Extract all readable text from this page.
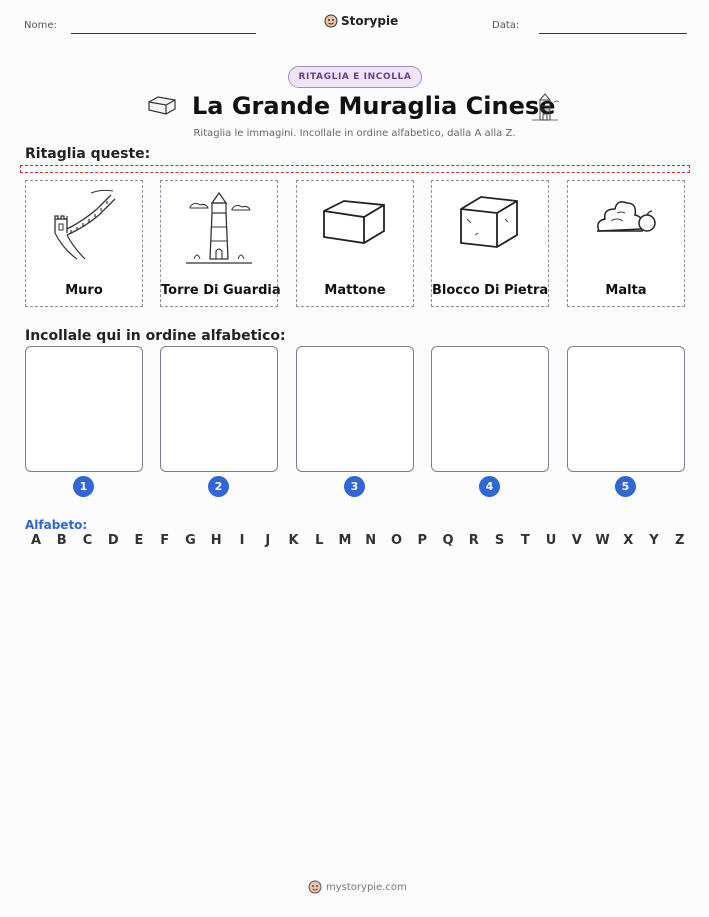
Nome:	Storypie	Data:
RITAGLIA E INCOLLA
La Grande Muraglia Cinese
Ritaglia le immagini. Incollale in ordine alfabetico, dalla A alla Z.
Ritaglia queste:
Muro	Torre Di Guardia	Mattone	Blocco Di Pietra	Malta
Incollale qui in ordine alfabetico:
1	2	3	4	5
Alfabeto:
A B C D E F G H	I	J	K L M N O P Q R S T U V W X Y Z
mystorypie.com
